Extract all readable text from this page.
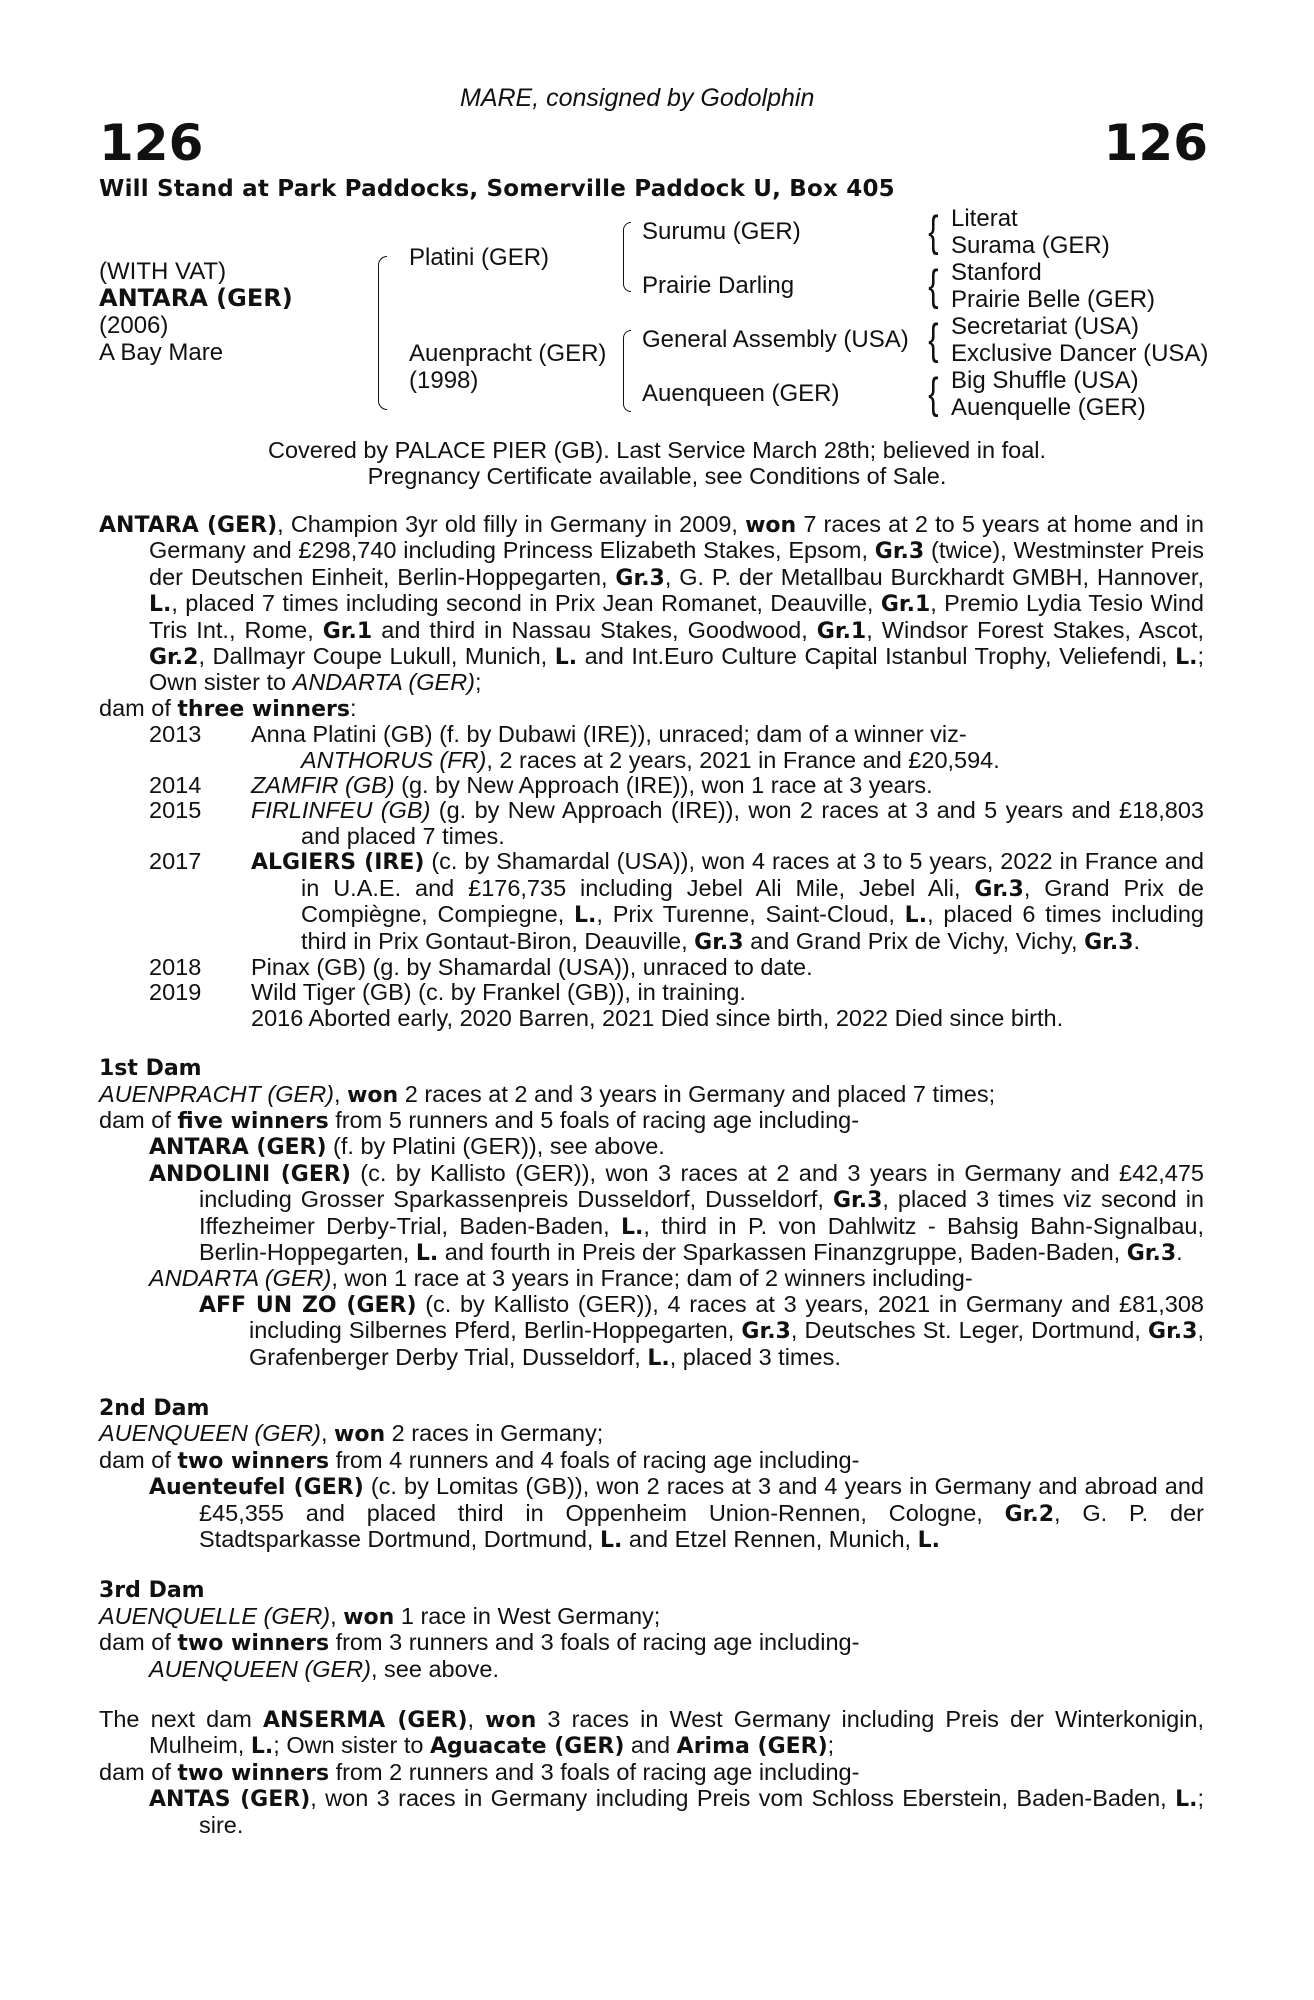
MARE, consigned by Godolphin
126	126
Will Stand at Park Paddocks, Somerville Paddock U, Box 405
(WITH VAT)
ANTARA (GER)
(2006)
A Bay Mare
Platini (GER)
Auenpracht (GER)
(1998)
Surumu (GER)
Prairie Darling
General Assembly (USA)
Auenqueen (GER)
{
{
{
{
Literat
Surama (GER)
Stanford
Prairie Belle (GER)
Secretariat (USA)
Exclusive Dancer (USA)
Big Shuffle (USA)
Auenquelle (GER)
Covered by PALACE PIER (GB). Last Service March 28th; believed in foal.
Pregnancy Certificate available, see Conditions of Sale.

ANTARA (GER), Champion 3yr old filly in Germany in 2009, won 7 races at 2 to 5 years at home and in Germany and £298,740 including Princess Elizabeth Stakes, Epsom, Gr.3 (twice), Westminster Preis der Deutschen Einheit, Berlin-Hoppegarten, Gr.3, G. P. der Metallbau Burckhardt GMBH, Hannover, L., placed 7 times including second in Prix Jean Romanet, Deauville, Gr.1, Premio Lydia Tesio Wind Tris Int., Rome, Gr.1 and third in Nassau Stakes, Goodwood, Gr.1, Windsor Forest Stakes, Ascot, Gr.2, Dallmayr Coupe Lukull, Munich, L. and Int.Euro Culture Capital Istanbul Trophy, Veliefendi, L.; Own sister to ANDARTA (GER);

dam of three winners:

2013	Anna Platini (GB) (f. by Dubawi (IRE)), unraced; dam of a winner viz-

ANTHORUS (FR), 2 races at 2 years, 2021 in France and £20,594.

2014	ZAMFIR (GB) (g. by New Approach (IRE)), won 1 race at 3 years.
2015	FIRLINFEU (GB) (g. by New Approach (IRE)), won 2 races at 3 and 5 years and £18,803 and placed 7 times.
2017	ALGIERS (IRE) (c. by Shamardal (USA)), won 4 races at 3 to 5 years, 2022 in France and in U.A.E. and £176,735 including Jebel Ali Mile, Jebel Ali, Gr.3, Grand Prix de Compiègne, Compiegne, L., Prix Turenne, Saint-Cloud, L., placed 6 times including third in Prix Gontaut-Biron, Deauville, Gr.3 and Grand Prix de Vichy, Vichy, Gr.3.
2018	Pinax (GB) (g. by Shamardal (USA)), unraced to date.
2019	Wild Tiger (GB) (c. by Frankel (GB)), in training.

2016 Aborted early, 2020 Barren, 2021 Died since birth, 2022 Died since birth.

1st Dam

AUENPRACHT (GER), won 2 races at 2 and 3 years in Germany and placed 7 times;

dam of five winners from 5 runners and 5 foals of racing age including-

ANTARA (GER) (f. by Platini (GER)), see above.

ANDOLINI (GER) (c. by Kallisto (GER)), won 3 races at 2 and 3 years in Germany and £42,475 including Grosser Sparkassenpreis Dusseldorf, Dusseldorf, Gr.3, placed 3 times viz second in Iffezheimer Derby-Trial, Baden-Baden, L., third in P. von Dahlwitz - Bahsig Bahn-Signalbau, Berlin-Hoppegarten, L. and fourth in Preis der Sparkassen Finanzgruppe, Baden-Baden, Gr.3.

ANDARTA (GER), won 1 race at 3 years in France; dam of 2 winners including-

AFF UN ZO (GER) (c. by Kallisto (GER)), 4 races at 3 years, 2021 in Germany and £81,308 including Silbernes Pferd, Berlin-Hoppegarten, Gr.3, Deutsches St. Leger, Dortmund, Gr.3, Grafenberger Derby Trial, Dusseldorf, L., placed 3 times.

2nd Dam

AUENQUEEN (GER), won 2 races in Germany;

dam of two winners from 4 runners and 4 foals of racing age including-

Auenteufel (GER) (c. by Lomitas (GB)), won 2 races at 3 and 4 years in Germany and abroad and £45,355 and placed third in Oppenheim Union-Rennen, Cologne, Gr.2, G. P. der Stadtsparkasse Dortmund, Dortmund, L. and Etzel Rennen, Munich, L.

3rd Dam

AUENQUELLE (GER), won 1 race in West Germany;

dam of two winners from 3 runners and 3 foals of racing age including-

AUENQUEEN (GER), see above.

The next dam ANSERMA (GER), won 3 races in West Germany including Preis der Winterkonigin, Mulheim, L.; Own sister to Aguacate (GER) and Arima (GER);

dam of two winners from 2 runners and 3 foals of racing age including-

ANTAS (GER), won 3 races in Germany including Preis vom Schloss Eberstein, Baden-Baden, L.; sire.
